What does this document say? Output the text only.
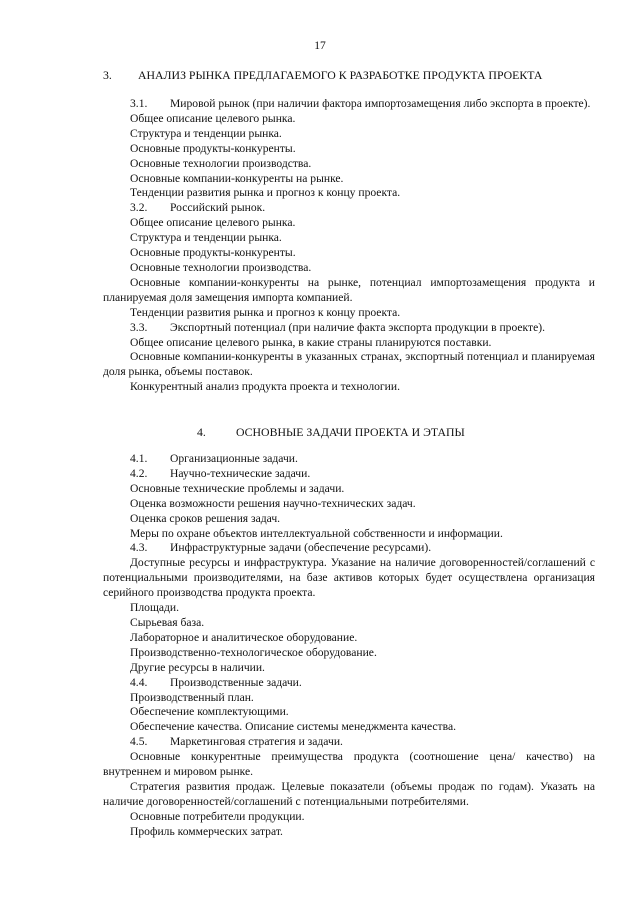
17
3. АНАЛИЗ РЫНКА ПРЕДЛАГАЕМОГО К РАЗРАБОТКЕ ПРОДУКТА ПРОЕКТА

3.1. Мировой рынок (при наличии фактора импортозамещения либо экспорта в проекте).

Общее описание целевого рынка.

Структура и тенденции рынка.

Основные продукты-конкуренты.

Основные технологии производства.

Основные компании-конкуренты на рынке.

Тенденции развития рынка и прогноз к концу проекта.

3.2. Российский рынок.

Общее описание целевого рынка.

Структура и тенденции рынка.

Основные продукты-конкуренты.

Основные технологии производства.

Основные компании-конкуренты на рынке, потенциал импортозамещения продукта и планируемая доля замещения импорта компанией.

Тенденции развития рынка и прогноз к концу проекта.

3.3. Экспортный потенциал (при наличие факта экспорта продукции в проекте).

Общее описание целевого рынка, в какие страны планируются поставки.

Основные компании-конкуренты в указанных странах, экспортный потенциал и планируемая доля рынка, объемы поставок.

Конкурентный анализ продукта проекта и технологии.

4.	ОСНОВНЫЕ ЗАДАЧИ ПРОЕКТА И ЭТАПЫ

4.1. Организационные задачи.

4.2. Научно-технические задачи.

Основные технические проблемы и задачи.

Оценка возможности решения научно-технических задач.

Оценка сроков решения задач.

Меры по охране объектов интеллектуальной собственности и информации.

4.3. Инфраструктурные задачи (обеспечение ресурсами).

Доступные ресурсы и инфраструктура. Указание на наличие договоренностей/соглашений с потенциальными производителями, на базе активов которых будет осуществлена организация серийного производства продукта проекта.

Площади.

Сырьевая база.

Лабораторное и аналитическое оборудование.

Производственно-технологическое оборудование.

Другие ресурсы в наличии.

4.4. Производственные задачи.

Производственный план.

Обеспечение комплектующими.

Обеспечение качества. Описание системы менеджмента качества.

4.5. Маркетинговая стратегия и задачи.

Основные конкурентные преимущества продукта (соотношение цена/ качество) на внутреннем и мировом рынке.

Стратегия развития продаж. Целевые показатели (объемы продаж по годам). Указать на наличие договоренностей/соглашений с потенциальными потребителями.

Основные потребители продукции.

Профиль коммерческих затрат.
